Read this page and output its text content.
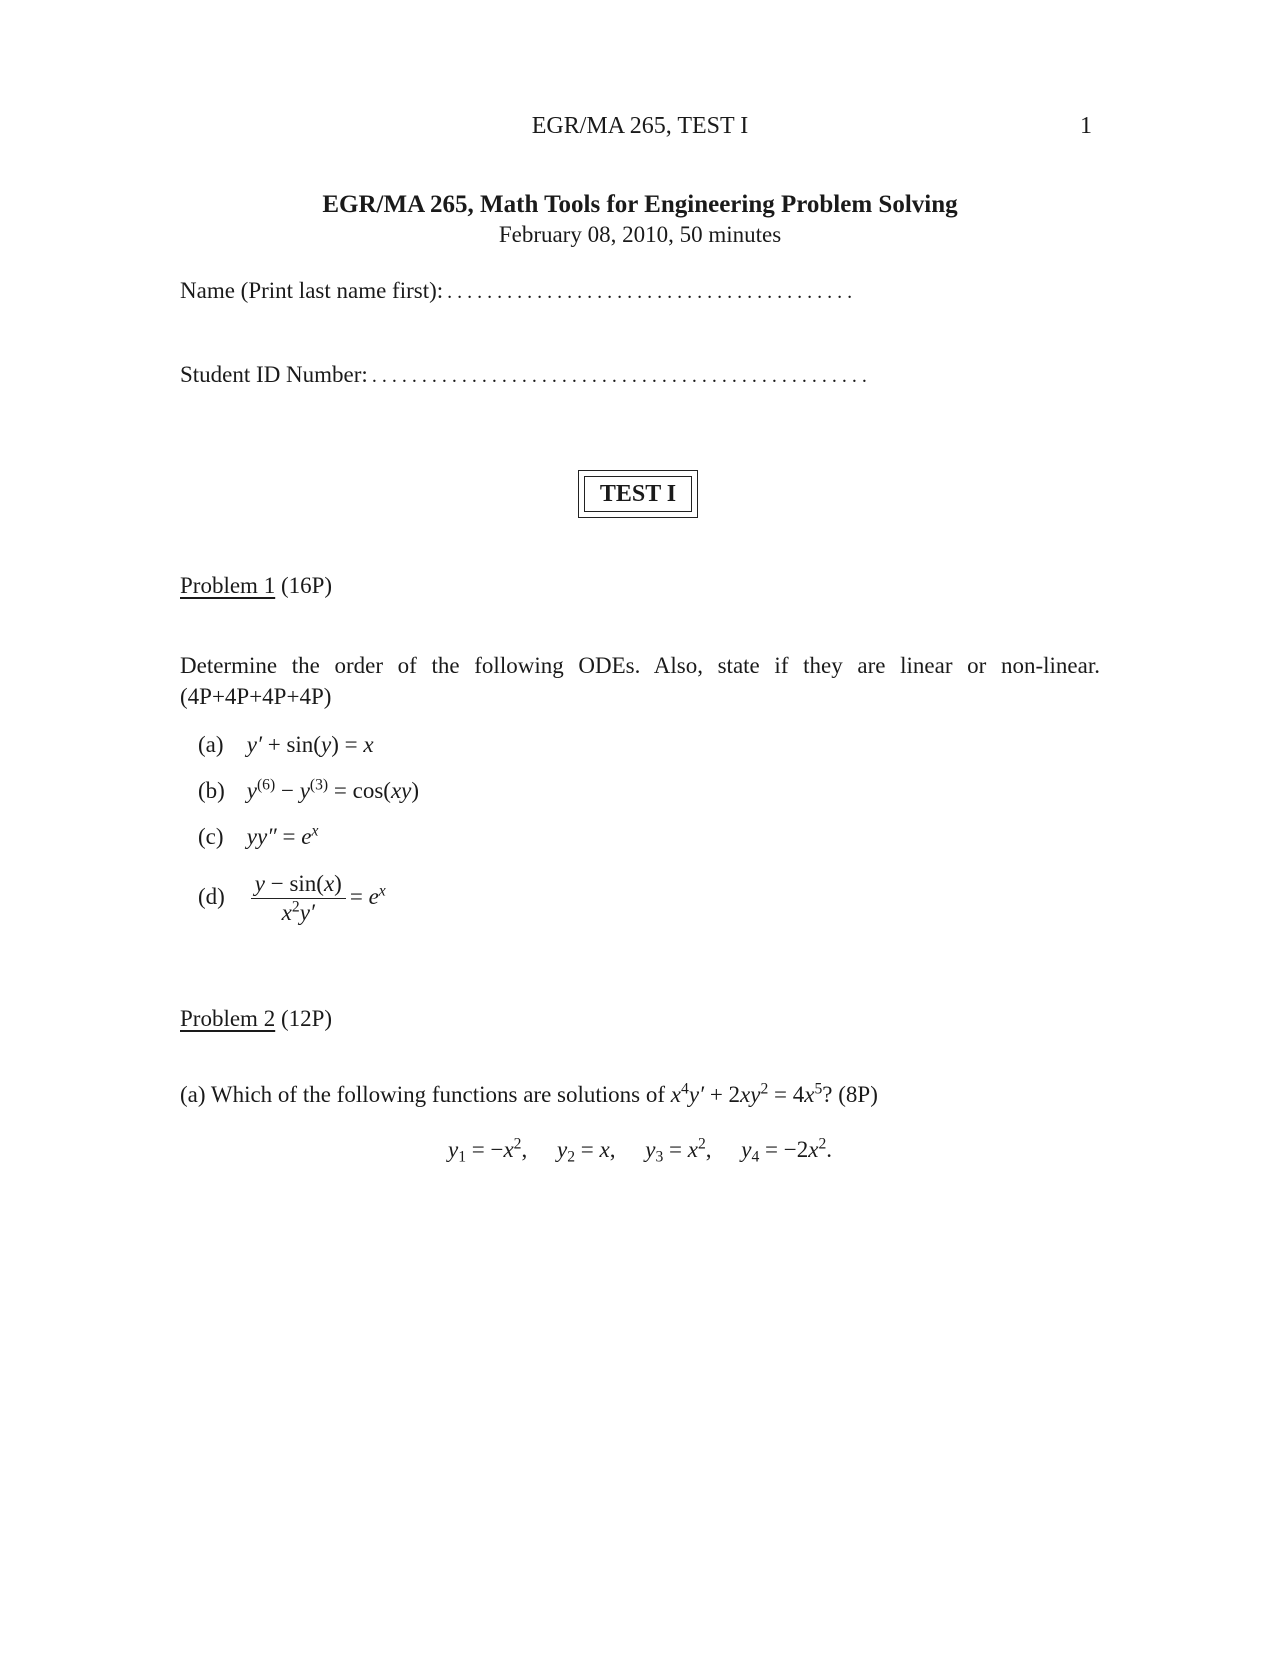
EGR/MA 265, TEST I	1
EGR/MA 265, Math Tools for Engineering Problem Solving
February 08, 2010, 50 minutes
Name (Print last name first): . . . . . . . . . . . . . . . . . . . . . . . . . . . . . . . . . . . . . . . . .
Student ID Number: . . . . . . . . . . . . . . . . . . . . . . . . . . . . . . . . . . . . . . . . . . . . . . . . . .
TEST I
Problem 1 (16P)
Determine the order of the following ODEs. Also, state if they are linear or non-linear. (4P+4P+4P+4P)
(a) y′ + sin(y) = x
(b) $y^{(6)} - y^{(3)} = \cos(xy)$
(c) $yy'' = e^x$
$(d) \frac{y - \sin(x)}{x^2y'} = e^x$
Problem 2 (12P)
(a) Which of the following functions are solutions of $x^4y' + 2xy^2 = 4x^5$? (8P)
$y_1 = -x^2$, $y_2 = x$, $y_3 = x^2$, $y_4 = -2x^2$.
